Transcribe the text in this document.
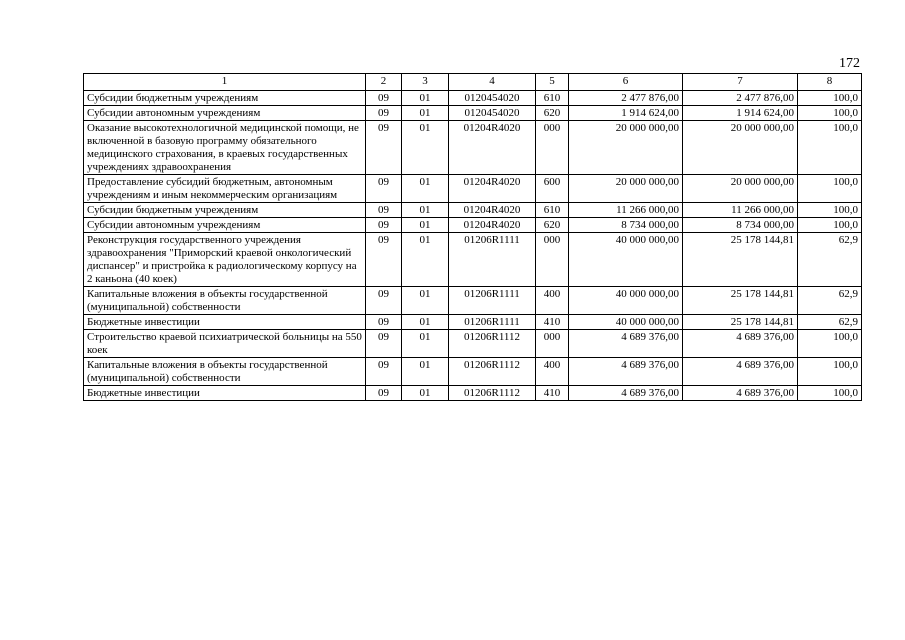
172
1	2	3	4	5	6	7	8
Субсидии бюджетным учреждениям	09	01	0120454020	610	2 477 876,00	2 477 876,00	100,0
Субсидии автономным учреждениям	09	01	0120454020	620	1 914 624,00	1 914 624,00	100,0
Оказание высокотехнологичной медицинской помощи, не включенной в базовую программу обязательного медицинского страхования, в краевых государственных учреждениях здравоохранения	09	01	01204R4020	000	20 000 000,00	20 000 000,00	100,0
Предоставление субсидий бюджетным, автономным учреждениям и иным некоммерческим организациям	09	01	01204R4020	600	20 000 000,00	20 000 000,00	100,0
Субсидии бюджетным учреждениям	09	01	01204R4020	610	11 266 000,00	11 266 000,00	100,0
Субсидии автономным учреждениям	09	01	01204R4020	620	8 734 000,00	8 734 000,00	100,0
Реконструкция государственного учреждения здравоохранения "Приморский краевой онкологический диспансер" и пристройка к радиологическому корпусу на 2 каньона (40 коек)	09	01	01206R1111	000	40 000 000,00	25 178 144,81	62,9
Капитальные вложения в объекты государственной (муниципальной) собственности	09	01	01206R1111	400	40 000 000,00	25 178 144,81	62,9
Бюджетные инвестиции	09	01	01206R1111	410	40 000 000,00	25 178 144,81	62,9
Строительство краевой психиатрической больницы на 550 коек	09	01	01206R1112	000	4 689 376,00	4 689 376,00	100,0
Капитальные вложения в объекты государственной (муниципальной) собственности	09	01	01206R1112	400	4 689 376,00	4 689 376,00	100,0
Бюджетные инвестиции	09	01	01206R1112	410	4 689 376,00	4 689 376,00	100,0
